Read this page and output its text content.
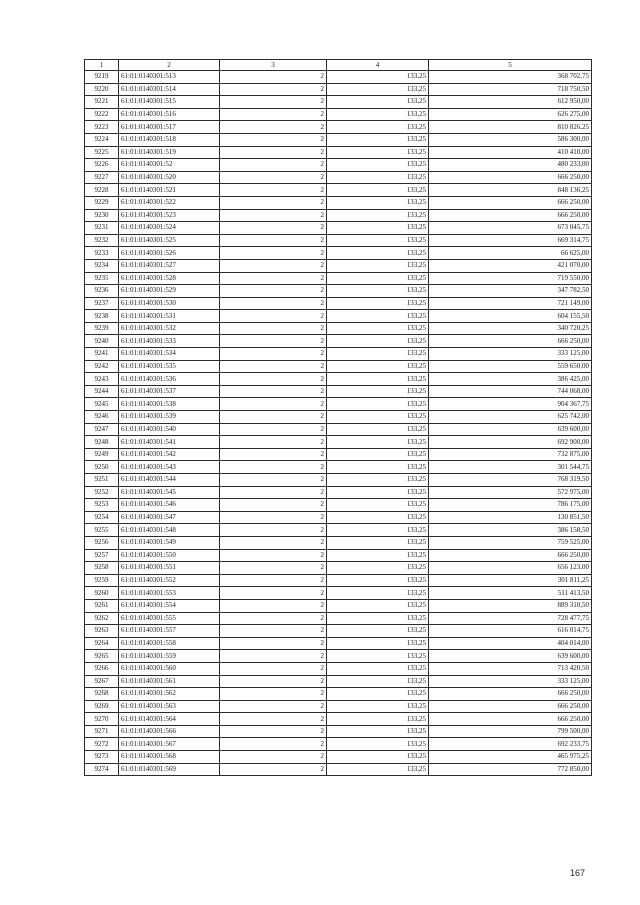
1	2	3	4	5
9219	61:01:0140301:513	2	133,25	368 702,75
9220	61:01:0140301:514	2	133,25	718 750,50
9221	61:01:0140301:515	2	133,25	612 950,00
9222	61:01:0140301:516	2	133,25	626 275,00
9223	61:01:0140301:517	2	133,25	810 826,25
9224	61:01:0140301:518	2	133,25	586 300,00
9225	61:01:0140301:519	2	133,25	410 410,00
9226	61:01:0140301:52	2	133,25	480 233,00
9227	61:01:0140301:520	2	133,25	666 250,00
9228	61:01:0140301:521	2	133,25	848 136,25
9229	61:01:0140301:522	2	133,25	666 250,00
9230	61:01:0140301:523	2	133,25	666 250,00
9231	61:01:0140301:524	2	133,25	673 045,75
9232	61:01:0140301:525	2	133,25	669 314,75
9233	61:01:0140301:526	2	133,25	66 625,00
9234	61:01:0140301:527	2	133,25	421 070,00
9235	61:01:0140301:528	2	133,25	719 550,00
9236	61:01:0140301:529	2	133,25	347 782,50
9237	61:01:0140301:530	2	133,25	721 149,00
9238	61:01:0140301:531	2	133,25	604 155,50
9239	61:01:0140301:532	2	133,25	340 720,25
9240	61:01:0140301:533	2	133,25	666 250,00
9241	61:01:0140301:534	2	133,25	333 125,00
9242	61:01:0140301:535	2	133,25	559 650,00
9243	61:01:0140301:536	2	133,25	386 425,00
9244	61:01:0140301:537	2	133,25	744 068,00
9245	61:01:0140301:538	2	133,25	904 367,75
9246	61:01:0140301:539	2	133,25	625 742,00
9247	61:01:0140301:540	2	133,25	639 600,00
9248	61:01:0140301:541	2	133,25	692 900,00
9249	61:01:0140301:542	2	133,25	732 875,00
9250	61:01:0140301:543	2	133,25	301 544,75
9251	61:01:0140301:544	2	133,25	768 319,50
9252	61:01:0140301:545	2	133,25	572 975,00
9253	61:01:0140301:546	2	133,25	786 175,00
9254	61:01:0140301:547	2	133,25	130 851,50
9255	61:01:0140301:548	2	133,25	386 158,50
9256	61:01:0140301:549	2	133,25	759 525,00
9257	61:01:0140301:550	2	133,25	666 250,00
9258	61:01:0140301:551	2	133,25	656 123,00
9259	61:01:0140301:552	2	133,25	301 811,25
9260	61:01:0140301:553	2	133,25	511 413,50
9261	61:01:0140301:554	2	133,25	889 310,50
9262	61:01:0140301:555	2	133,25	728 477,75
9263	61:01:0140301:557	2	133,25	616 014,75
9264	61:01:0140301:558	2	133,25	404 014,00
9265	61:01:0140301:559	2	133,25	639 600,00
9266	61:01:0140301:560	2	133,25	713 420,50
9267	61:01:0140301:561	2	133,25	333 125,00
9268	61:01:0140301:562	2	133,25	666 250,00
9269	61:01:0140301:563	2	133,25	666 250,00
9270	61:01:0140301:564	2	133,25	666 250,00
9271	61:01:0140301:566	2	133,25	799 500,00
9272	61:01:0140301:567	2	133,25	692 233,75
9273	61:01:0140301:568	2	133,25	465 975,25
9274	61:01:0140301:569	2	133,25	772 850,00
167
